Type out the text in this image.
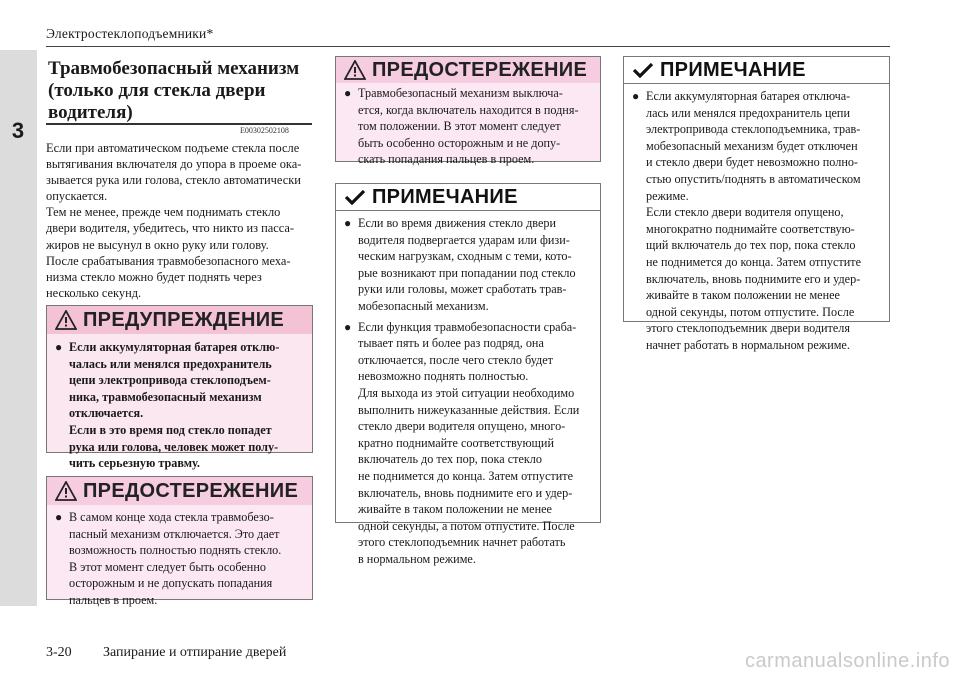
3
Электростеклоподъемники*
Травмобезопасный механизм
(только для стекла двери
водителя)
E00302502108
Если при автоматическом подъеме стекла после
вытягивания включателя до упора в проеме ока-
зывается рука или голова, стекло автоматически
опускается.
Тем не менее, прежде чем поднимать стекло
двери водителя, убедитесь, что никто из пасса-
жиров не высунул в окно руку или голову.
После срабатывания травмобезопасного меха-
низма стекло можно будет поднять через
несколько секунд.
ПРЕДУПРЕЖДЕНИЕ
● Если аккумуляторная батарея отклю-
чалась или менялся предохранитель
цепи электропривода стеклоподъем-
ника, травмобезопасный механизм
отключается.
Если в это время под стекло попадет
рука или голова, человек может полу-
чить серьезную травму.
ПРЕДОСТЕРЕЖЕНИЕ
● В самом конце хода стекла травмобезо-
пасный механизм отключается. Это дает
возможность полностью поднять стекло.
В этот момент следует быть особенно
осторожным и не допускать попадания
пальцев в проем.
ПРЕДОСТЕРЕЖЕНИЕ
● Травмобезопасный механизм выключа-
ется, когда включатель находится в подня-
том положении. В этот момент следует
быть особенно осторожным и не допу-
скать попадания пальцев в проем.
ПРИМЕЧАНИЕ
● Если во время движения стекло двери
водителя подвергается ударам или физи-
ческим нагрузкам, сходным с теми, кото-
рые возникают при попадании под стекло
руки или головы, может сработать трав-
мобезопасный механизм.
● Если функция травмобезопасности сраба-
тывает пять и более раз подряд, она
отключается, после чего стекло будет
невозможно поднять полностью.
Для выхода из этой ситуации необходимо
выполнить нижеуказанные действия. Если
стекло двери водителя опущено, много-
кратно поднимайте соответствующий
включатель до тех пор, пока стекло
не поднимется до конца. Затем отпустите
включатель, вновь поднимите его и удер-
живайте в таком положении не менее
одной секунды, а потом отпустите. После
этого стеклоподъемник начнет работать
в нормальном режиме.
ПРИМЕЧАНИЕ
● Если аккумуляторная батарея отключа-
лась или менялся предохранитель цепи
электропривода стеклоподъемника, трав-
мобезопасный механизм будет отключен
и стекло двери будет невозможно полно-
стью опустить/поднять в автоматическом
режиме.
Если стекло двери водителя опущено,
многократно поднимайте соответствую-
щий включатель до тех пор, пока стекло
не поднимется до конца. Затем отпустите
включатель, вновь поднимите его и удер-
живайте в таком положении не менее
одной секунды, потом отпустите. После
этого стеклоподъемник двери водителя
начнет работать в нормальном режиме.
3-20 Запирание и отпирание дверей	carmanualsonline.info
